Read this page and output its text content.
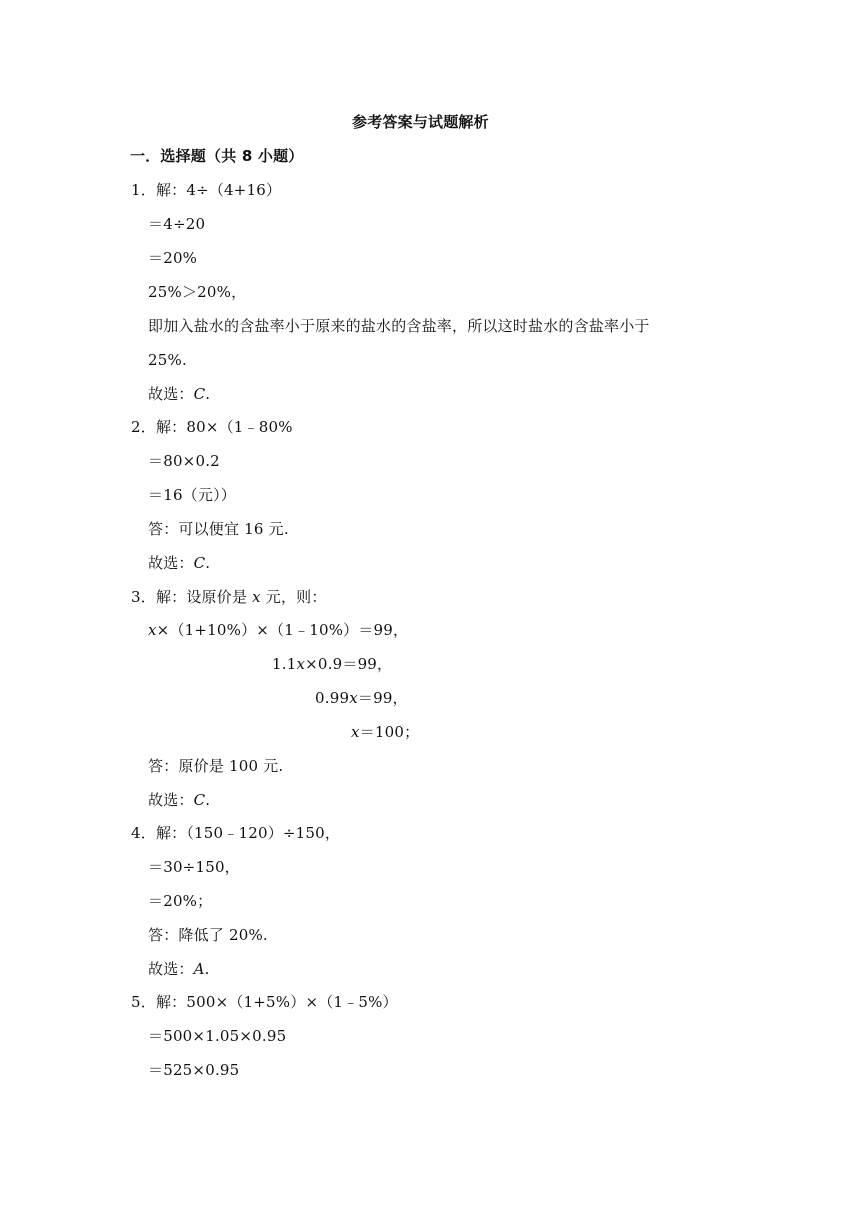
参考答案与试题解析
一．选择题（共 8 小题）
1．解：4÷（4+16）
＝4÷20
＝20%
25%＞20%，
即加入盐水的含盐率小于原来的盐水的含盐率，所以这时盐水的含盐率小于
25%.
故选：C.
2．解：80×（1﹣80%
＝80×0.2
＝16（元））
答：可以便宜 16 元.
故选：C.
3．解：设原价是 x 元，则：
x×（1+10%）×（1﹣10%）＝99，
1.1x×0.9＝99，
0.99x＝99，
x＝100；
答：原价是 100 元.
故选：C.
4．解：（150﹣120）÷150，
＝30÷150，
＝20%；
答：降低了 20%.
故选：A.
5．解：500×（1+5%）×（1﹣5%）
＝500×1.05×0.95
＝525×0.95
